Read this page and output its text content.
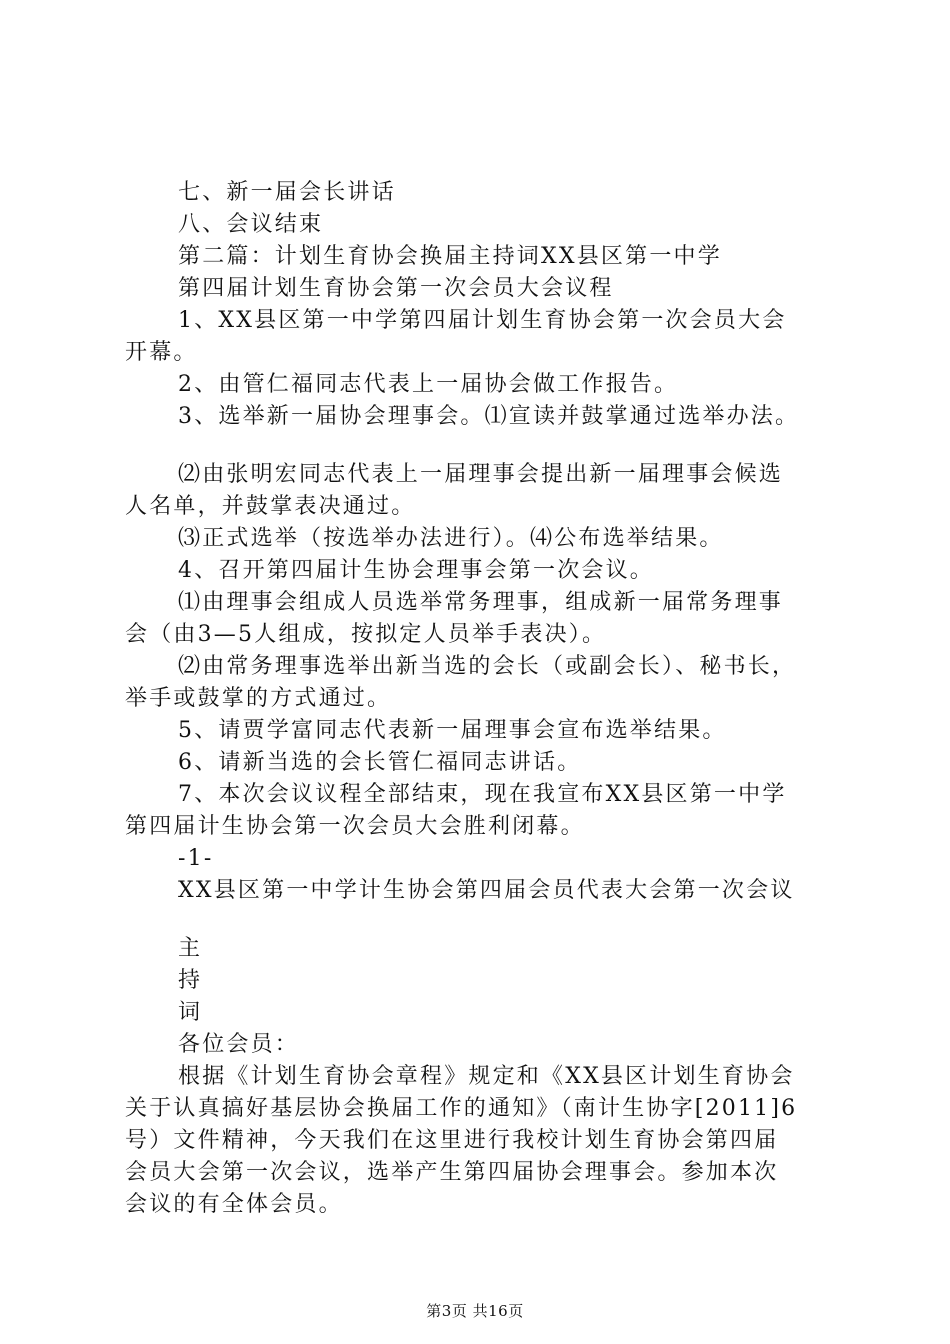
七、新一届会长讲话
八、会议结束
第二篇：计划生育协会换届主持词XX县区第一中学
第四届计划生育协会第一次会员大会议程
1、XX县区第一中学第四届计划生育协会第一次会员大会
开幕。
2、由管仁福同志代表上一届协会做工作报告。
3、选举新一届协会理事会。⑴宣读并鼓掌通过选举办法。
⑵由张明宏同志代表上一届理事会提出新一届理事会候选
人名单，并鼓掌表决通过。
⑶正式选举（按选举办法进行）。⑷公布选举结果。
4、召开第四届计生协会理事会第一次会议。
⑴由理事会组成人员选举常务理事，组成新一届常务理事
会（由3—5人组成，按拟定人员举手表决）。
⑵由常务理事选举出新当选的会长（或副会长）、秘书长，
举手或鼓掌的方式通过。
5、请贾学富同志代表新一届理事会宣布选举结果。
6、请新当选的会长管仁福同志讲话。
7、本次会议议程全部结束，现在我宣布XX县区第一中学
第四届计生协会第一次会员大会胜利闭幕。
-1-
XX县区第一中学计生协会第四届会员代表大会第一次会议
主
持
词
各位会员：
根据《计划生育协会章程》规定和《XX县区计划生育协会
关于认真搞好基层协会换届工作的通知》（南计生协字[2011]6
号）文件精神，今天我们在这里进行我校计划生育协会第四届
会员大会第一次会议，选举产生第四届协会理事会。参加本次
会议的有全体会员。
第3页 共16页
